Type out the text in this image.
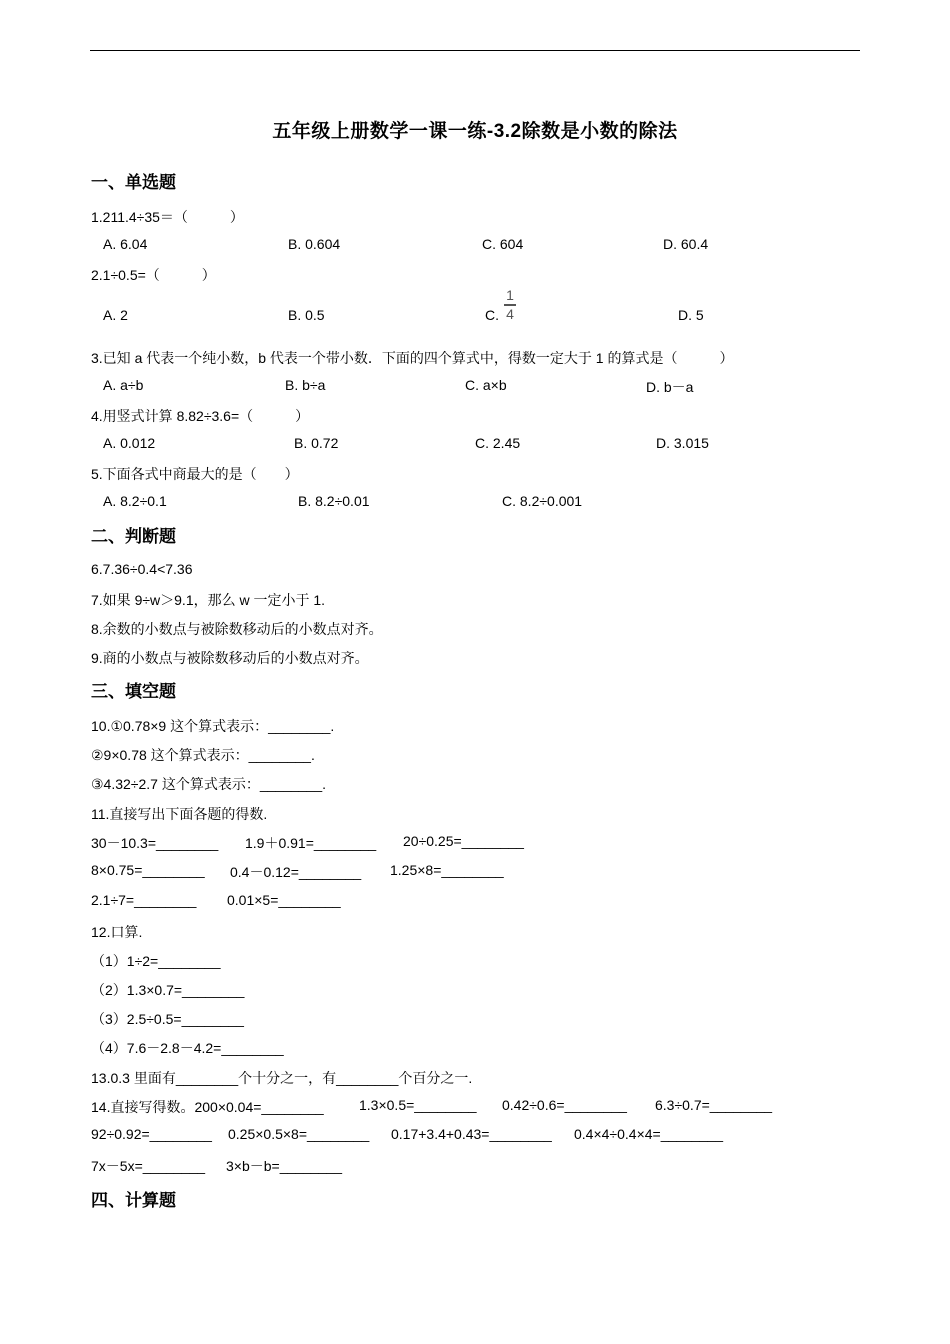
五年级上册数学一课一练-3.2除数是小数的除法
一、单选题
1.211.4÷35＝（　　　）
A. 6.04	B. 0.604	C. 604	D. 60.4
2.1÷0.5=（　　　）
A. 2	B. 0.5	C.
1
4	D. 5
3.已知 a 代表一个纯小数，b 代表一个带小数．下面的四个算式中，得数一定大于 1 的算式是（　　　）
A. a÷b	B. b÷a	C. a×b	D. b－a
4.用竖式计算 8.82÷3.6=（　　　）
A. 0.012	B. 0.72	C. 2.45	D. 3.015
5.下面各式中商最大的是（　　）
A. 8.2÷0.1	B. 8.2÷0.01	C. 8.2÷0.001
二、判断题
6.7.36÷0.4<7.36
7.如果 9÷w＞9.1，那么 w 一定小于 1.
8.余数的小数点与被除数移动后的小数点对齐。
9.商的小数点与被除数移动后的小数点对齐。
三、填空题
10.①0.78×9 这个算式表示：________.
②9×0.78 这个算式表示：________.
③4.32÷2.7 这个算式表示：________.
11.直接写出下面各题的得数.
30－10.3=________ 1.9＋0.91=________ 20÷0.25=________
8×0.75=________ 0.4－0.12=________ 1.25×8=________
2.1÷7=________ 0.01×5=________
12.口算.
（1）1÷2=________
（2）1.3×0.7=________
（3）2.5÷0.5=________
（4）7.6－2.8－4.2=________
13.0.3 里面有________个十分之一，有________个百分之一.
14.直接写得数。200×0.04=________	1.3×0.5=________ 0.42÷0.6=________ 6.3÷0.7=________
92÷0.92=________ 0.25×0.5×8=________ 0.17+3.4+0.43=________ 0.4×4÷0.4×4=________
7x－5x=________ 3×b－b=________
四、计算题
